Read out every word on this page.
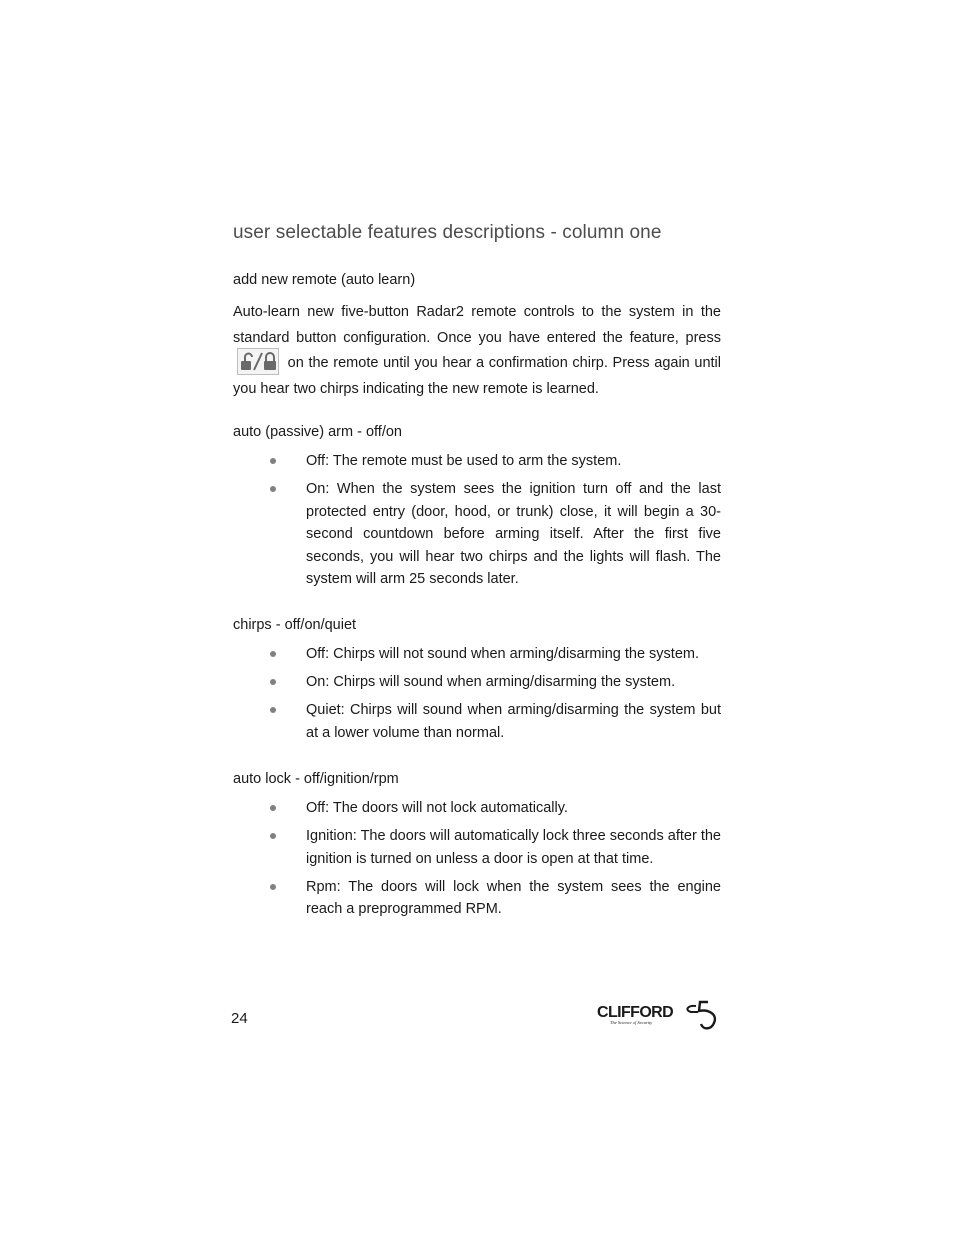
user selectable features descriptions - column one
add new remote (auto learn)
Auto-learn new five-button Radar2 remote controls to the system in the standard button configuration. Once you have entered the feature, press
on the remote until you hear a confirmation chirp. Press again until you hear two chirps indicating the new remote is learned.
auto (passive) arm - off/on
Off: The remote must be used to arm the system.
On: When the system sees the ignition turn off and the last protected entry (door, hood, or trunk) close, it will begin a 30-second countdown before arming itself. After the first five seconds, you will hear two chirps and the lights will flash. The system will arm 25 seconds later.
chirps - off/on/quiet
Off: Chirps will not sound when arming/disarming the system.
On: Chirps will sound when arming/disarming the system.
Quiet: Chirps will sound when arming/disarming the system but at a lower volume than normal.
auto lock - off/ignition/rpm
Off: The doors will not lock automatically.
Ignition: The doors will automatically lock three seconds after the ignition is turned on unless a door is open at that time.
Rpm: The doors will lock when the system sees the engine reach a preprogrammed RPM.
24	CLIFFORD
The Science of Security
